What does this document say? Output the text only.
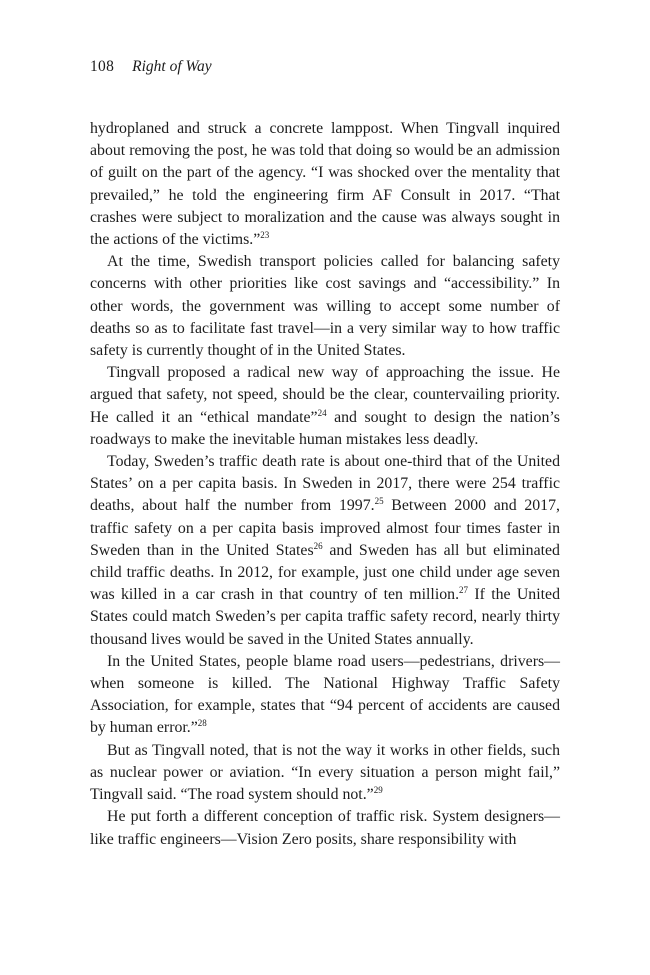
108 Right of Way

hydroplaned and struck a concrete lamppost. When Tingvall inquired about removing the post, he was told that doing so would be an admission of guilt on the part of the agency. “I was shocked over the mentality that prevailed,” he told the engineering firm AF Consult in 2017. “That crashes were subject to moralization and the cause was always sought in the actions of the victims.”$^{23}$

At the time, Swedish transport policies called for balancing safety concerns with other priorities like cost savings and “accessibility.” In other words, the government was willing to accept some number of deaths so as to facilitate fast travel—in a very similar way to how traffic safety is currently thought of in the United States.

Tingvall proposed a radical new way of approaching the issue. He argued that safety, not speed, should be the clear, countervailing priority. He called it an “ethical mandate”$^{24}$ and sought to design the nation’s roadways to make the inevitable human mistakes less deadly.

Today, Sweden’s traffic death rate is about one-third that of the United States’ on a per capita basis. In Sweden in 2017, there were 254 traffic deaths, about half the number from 1997.25 Between 2000 and 2017, traffic safety on a per capita basis improved almost four times faster in Sweden than in the United States$^{26}$ and Sweden has all but eliminated child traffic deaths. In 2012, for example, just one child under age seven was killed in a car crash in that country of ten million.$^{27}$ If the United States could match Sweden’s per capita traffic safety record, nearly thirty thousand lives would be saved in the United States annually.

In the United States, people blame road users—pedestrians, drivers—when someone is killed. The National Highway Traffic Safety Association, for example, states that “94 percent of accidents are caused by human error.”$^{28}$

But as Tingvall noted, that is not the way it works in other fields, such as nuclear power or aviation. “In every situation a person might fail,” Tingvall said. “The road system should not.”$^{29}$

He put forth a different conception of traffic risk. System designers—like traffic engineers—Vision Zero posits, share responsibility with
